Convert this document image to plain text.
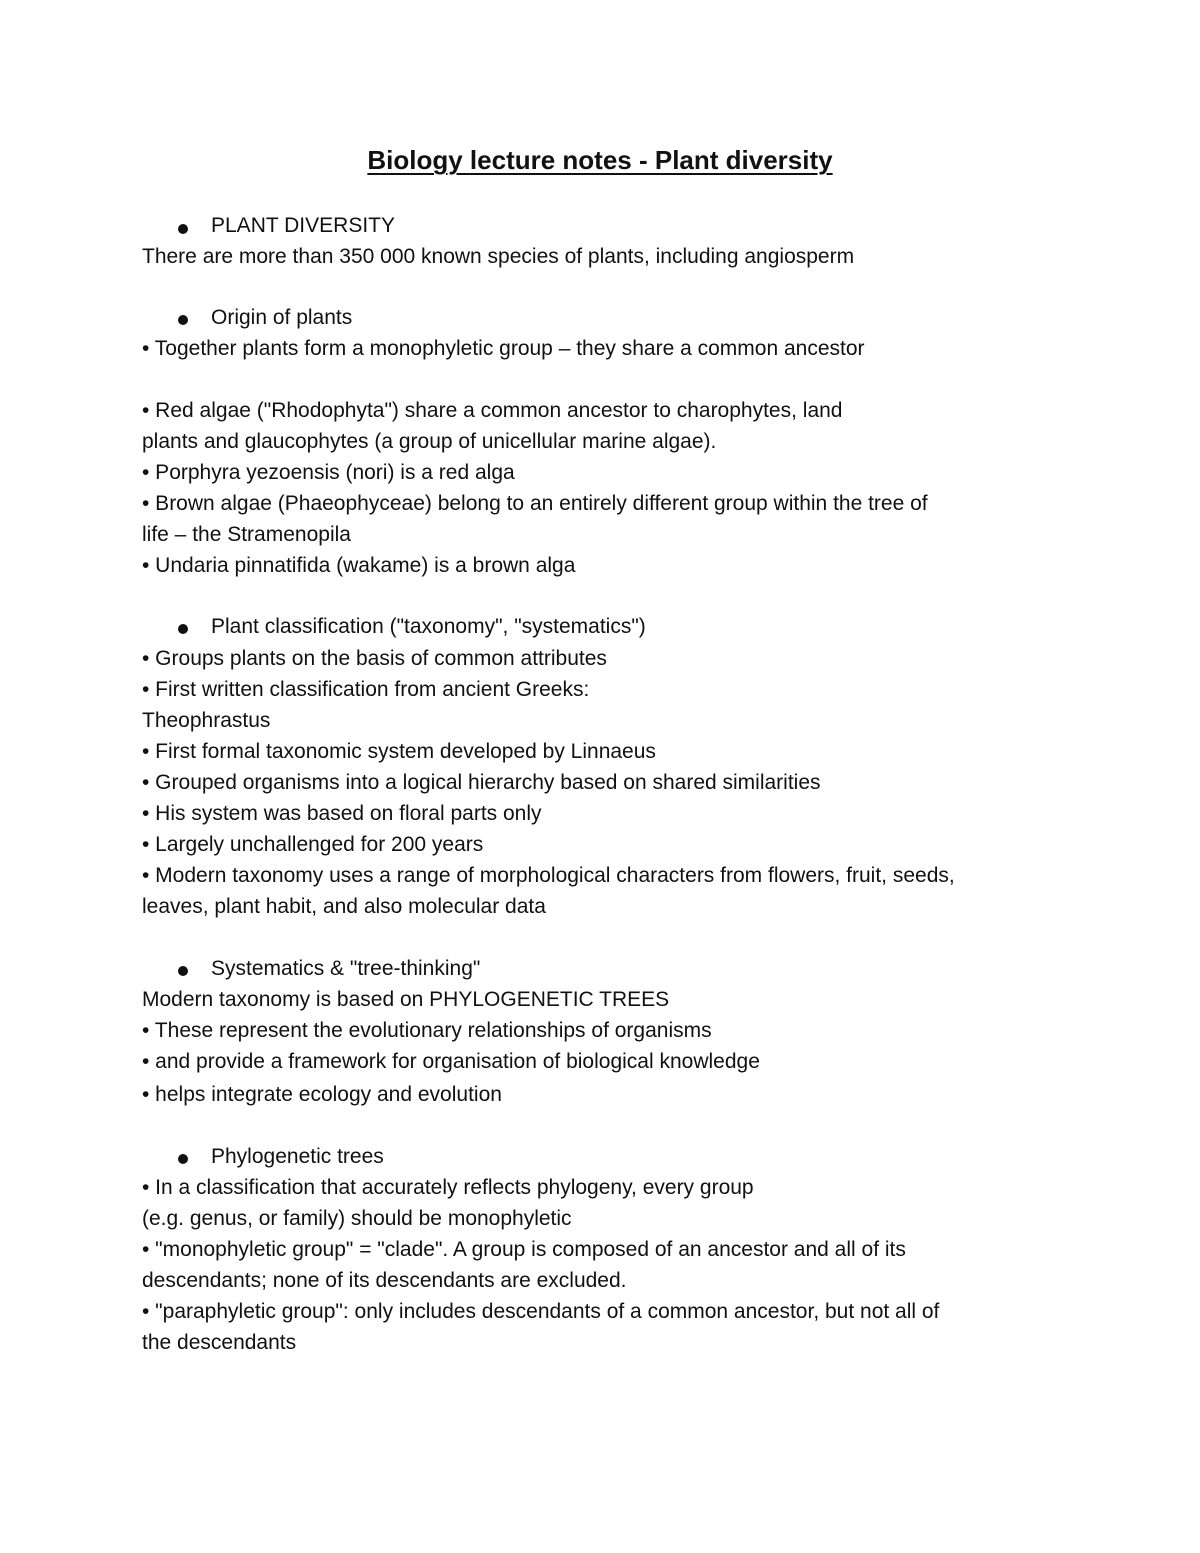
Biology lecture notes - Plant diversity
PLANT DIVERSITY
There are more than 350 000 known species of plants, including angiosperm
Origin of plants
• Together plants form a monophyletic group – they share a common ancestor
• Red algae ("Rhodophyta") share a common ancestor to charophytes, land
plants and glaucophytes (a group of unicellular marine algae).
• Porphyra yezoensis (nori) is a red alga
• Brown algae (Phaeophyceae) belong to an entirely different group within the tree of
life – the Stramenopila
• Undaria pinnatifida (wakame) is a brown alga
Plant classification ("taxonomy", "systematics")
• Groups plants on the basis of common attributes
• First written classification from ancient Greeks:
Theophrastus
• First formal taxonomic system developed by Linnaeus
• Grouped organisms into a logical hierarchy based on shared similarities
• His system was based on floral parts only
• Largely unchallenged for 200 years
• Modern taxonomy uses a range of morphological characters from flowers, fruit, seeds,
leaves, plant habit, and also molecular data
Systematics & "tree-thinking"
Modern taxonomy is based on PHYLOGENETIC TREES
• These represent the evolutionary relationships of organisms
• and provide a framework for organisation of biological knowledge
• helps integrate ecology and evolution
Phylogenetic trees
• In a classification that accurately reflects phylogeny, every group
(e.g. genus, or family) should be monophyletic
• "monophyletic group" = "clade". A group is composed of an ancestor and all of its
descendants; none of its descendants are excluded.
• "paraphyletic group": only includes descendants of a common ancestor, but not all of
the descendants
